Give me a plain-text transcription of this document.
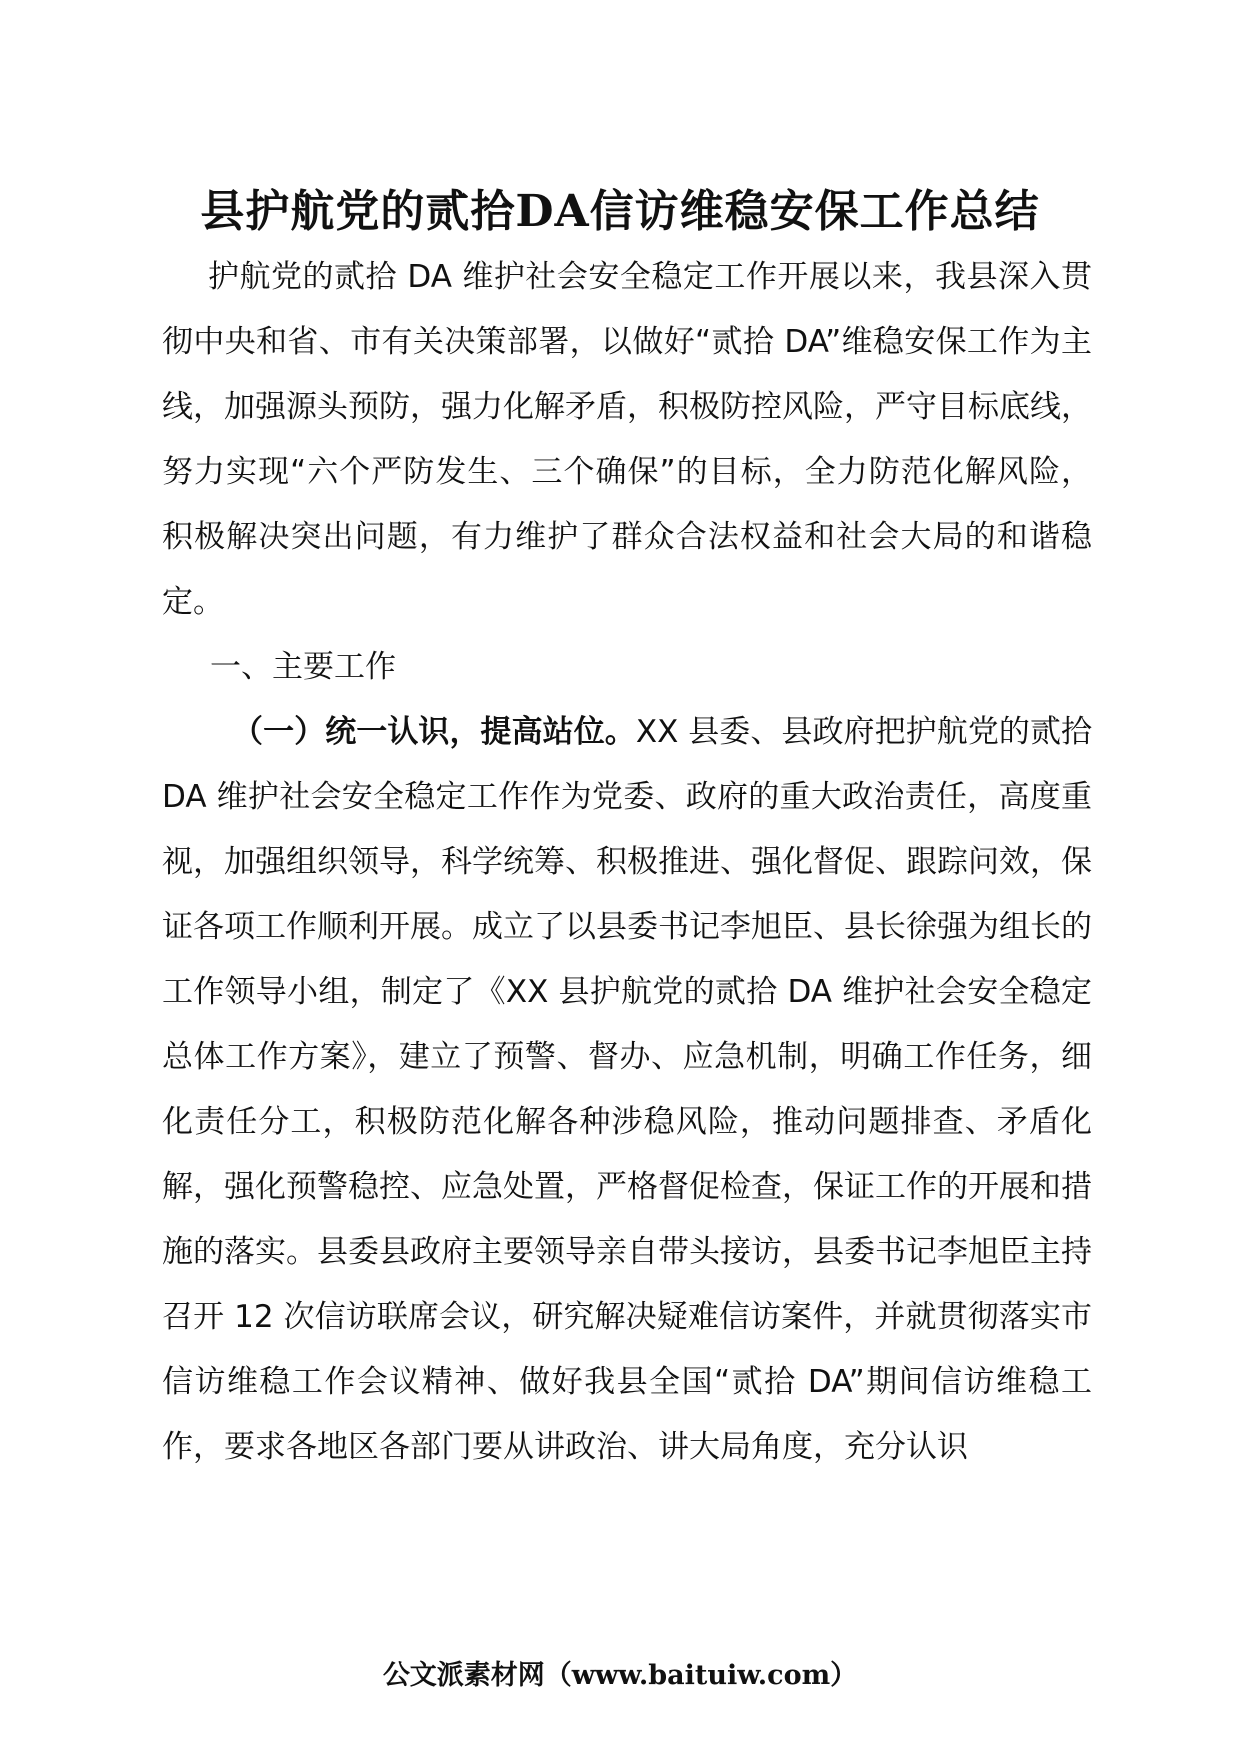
县护航党的贰拾DA信访维稳安保工作总结

护航党的贰拾 DA 维护社会安全稳定工作开展以来，我县深入贯彻中央和省、市有关决策部署，以做好“贰拾 DA”维稳安保工作为主线，加强源头预防，强力化解矛盾，积极防控风险，严守目标底线，努力实现“六个严防发生、三个确保”的目标，全力防范化解风险，积极解决突出问题，有力维护了群众合法权益和社会大局的和谐稳定。

一、主要工作

（一）统一认识，提高站位。XX 县委、县政府把护航党的贰拾 DA 维护社会安全稳定工作作为党委、政府的重大政治责任，高度重视，加强组织领导，科学统筹、积极推进、强化督促、跟踪问效，保证各项工作顺利开展。成立了以县委书记李旭臣、县长徐强为组长的工作领导小组，制定了《XX 县护航党的贰拾 DA 维护社会安全稳定总体工作方案》，建立了预警、督办、应急机制，明确工作任务，细化责任分工，积极防范化解各种涉稳风险，推动问题排查、矛盾化解，强化预警稳控、应急处置，严格督促检查，保证工作的开展和措施的落实。县委县政府主要领导亲自带头接访，县委书记李旭臣主持召开 12 次信访联席会议，研究解决疑难信访案件，并就贯彻落实市信访维稳工作会议精神、做好我县全国“贰拾 DA”期间信访维稳工作，要求各地区各部门要从讲政治、讲大局角度，充分认识

公文派素材网（www.baituiw.com）
